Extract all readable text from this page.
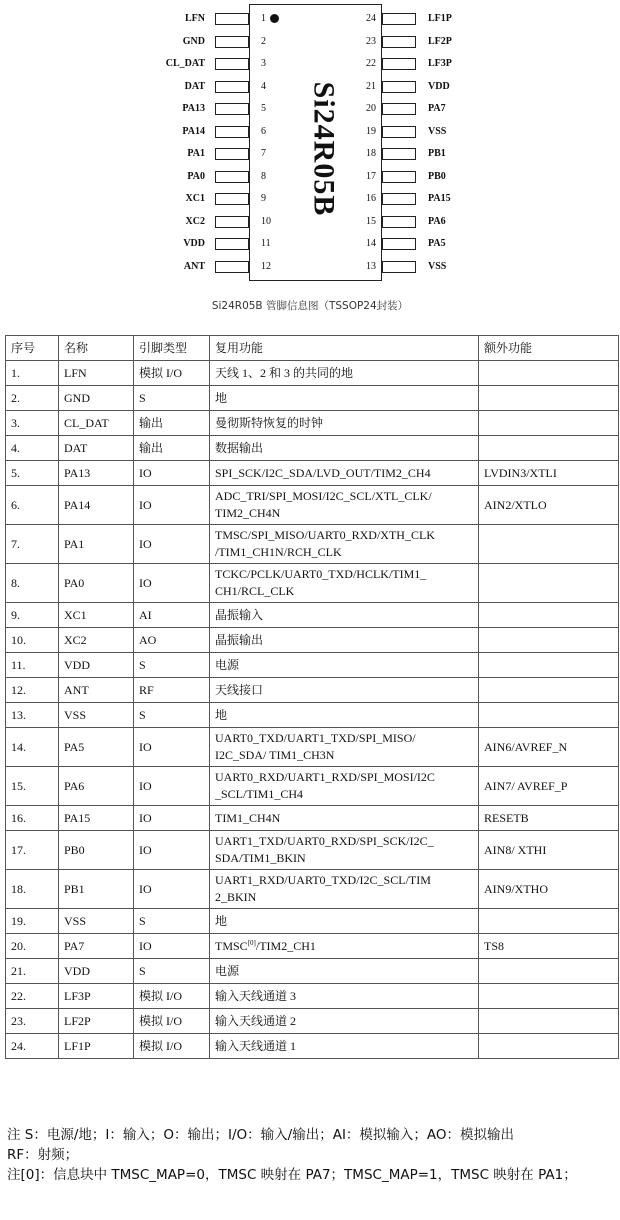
Si24R05B
LFN	1
GND	2
CL_DAT	3
DAT	4
PA13	5
PA14	6
PA1	7
PA0	8
XC1	9
XC2	10
VDD	11
ANT	12
24	LF1P
23	LF2P
22	LF3P
21	VDD
20	PA7
19	VSS
18	PB1
17	PB0
16	PA15
15	PA6
14	PA5
13	VSS
Si24R05B 管脚信息图（TSSOP24封装）
序号	名称	引脚类型	复用功能	额外功能
1.	LFN	模拟 I/O	天线 1、2 和 3 的共同的地	
2.	GND	S	地	
3.	CL_DAT	输出	曼彻斯特恢复的时钟	
4.	DAT	输出	数据输出	
5.	PA13	IO	SPI_SCK/I2C_SDA/LVD_OUT/TIM2_CH4	LVDIN3/XTLI
6.	PA14	IO	ADC_TRI/SPI_MOSI/I2C_SCL/XTL_CLK/
TIM2_CH4N	AIN2/XTLO
7.	PA1	IO	TMSC/SPI_MISO/UART0_RXD/XTH_CLK
/TIM1_CH1N/RCH_CLK	
8.	PA0	IO	TCKC/PCLK/UART0_TXD/HCLK/TIM1_
CH1/RCL_CLK	
9.	XC1	AI	晶振输入	
10.	XC2	AO	晶振输出	
11.	VDD	S	电源	
12.	ANT	RF	天线接口	
13.	VSS	S	地	
14.	PA5	IO	UART0_TXD/UART1_TXD/SPI_MISO/
I2C_SDA/ TIM1_CH3N	AIN6/AVREF_N
15.	PA6	IO	UART0_RXD/UART1_RXD/SPI_MOSI/I2C
_SCL/TIM1_CH4	AIN7/ AVREF_P
16.	PA15	IO	TIM1_CH4N	RESETB
17.	PB0	IO	UART1_TXD/UART0_RXD/SPI_SCK/I2C_
SDA/TIM1_BKIN	AIN8/ XTHI
18.	PB1	IO	UART1_RXD/UART0_TXD/I2C_SCL/TIM
2_BKIN	AIN9/XTHO
19.	VSS	S	地	
20.	PA7	IO	TMSC[0]/TIM2_CH1	TS8
21.	VDD	S	电源	
22.	LF3P	模拟 I/O	输入天线通道 3	
23.	LF2P	模拟 I/O	输入天线通道 2	
24.	LF1P	模拟 I/O	输入天线通道 1	

注 S：电源/地；I：输入；O：输出；I/O：输入/输出；AI：模拟输入；AO：模拟输出

RF：射频；

注[0]：信息块中 TMSC_MAP=0，TMSC 映射在 PA7；TMSC_MAP=1，TMSC 映射在 PA1；
